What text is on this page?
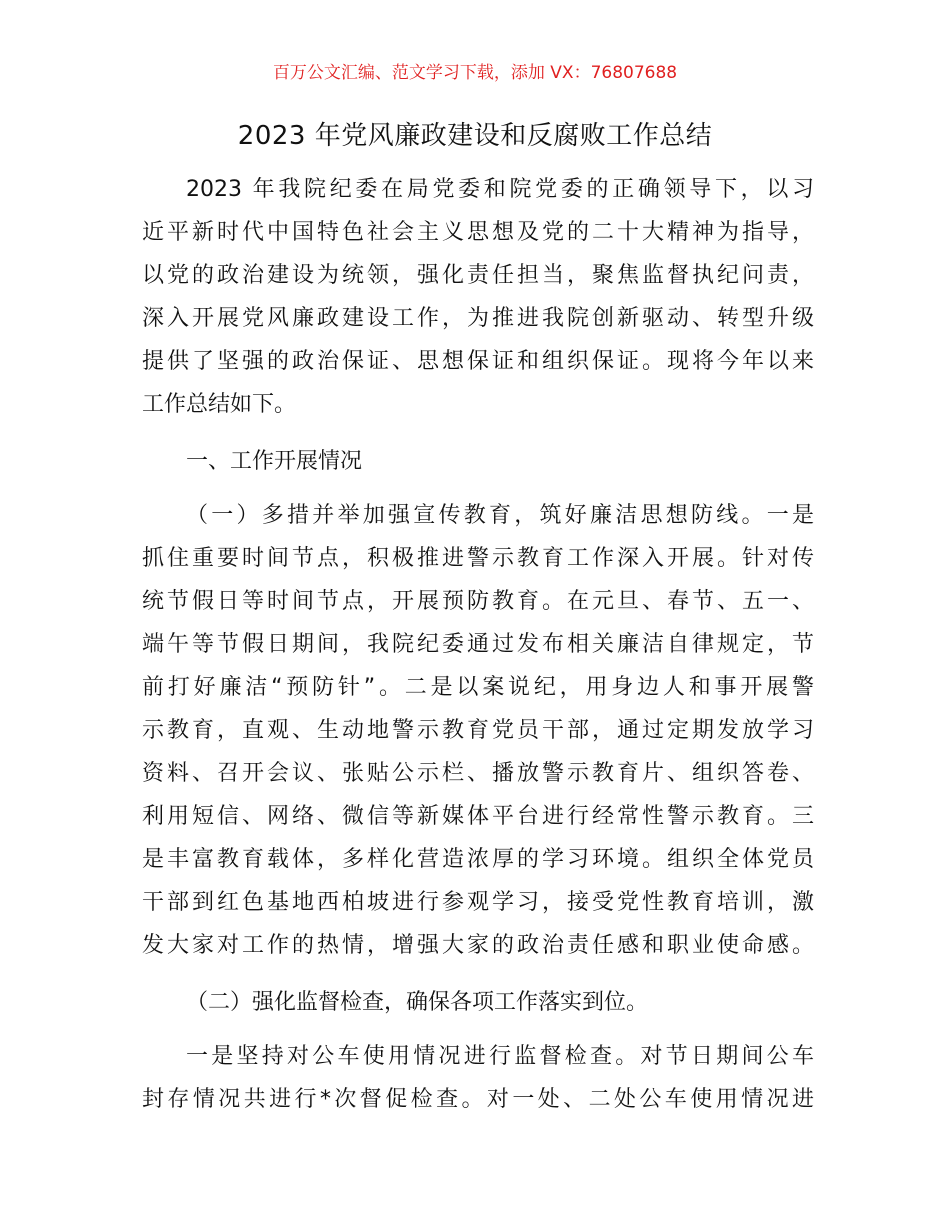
百万公文汇编、范文学习下载，添加 VX：76807688
2023 年党风廉政建设和反腐败工作总结
2023 年我院纪委在局党委和院党委的正确领导下，以习
近平新时代中国特色社会主义思想及党的二十大精神为指导，
以党的政治建设为统领，强化责任担当，聚焦监督执纪问责，
深入开展党风廉政建设工作，为推进我院创新驱动、转型升级
提供了坚强的政治保证、思想保证和组织保证。现将今年以来
工作总结如下。
一、工作开展情况
（一）多措并举加强宣传教育，筑好廉洁思想防线。一是
抓住重要时间节点，积极推进警示教育工作深入开展。针对传
统节假日等时间节点，开展预防教育。在元旦、春节、五一、
端午等节假日期间，我院纪委通过发布相关廉洁自律规定，节
前打好廉洁“预防针”。二是以案说纪，用身边人和事开展警
示教育，直观、生动地警示教育党员干部，通过定期发放学习
资料、召开会议、张贴公示栏、播放警示教育片、组织答卷、
利用短信、网络、微信等新媒体平台进行经常性警示教育。三
是丰富教育载体，多样化营造浓厚的学习环境。组织全体党员
干部到红色基地西柏坡进行参观学习，接受党性教育培训，激
发大家对工作的热情，增强大家的政治责任感和职业使命感。
（二）强化监督检查，确保各项工作落实到位。
一是坚持对公车使用情况进行监督检查。对节日期间公车
封存情况共进行*次督促检查。对一处、二处公车使用情况进
